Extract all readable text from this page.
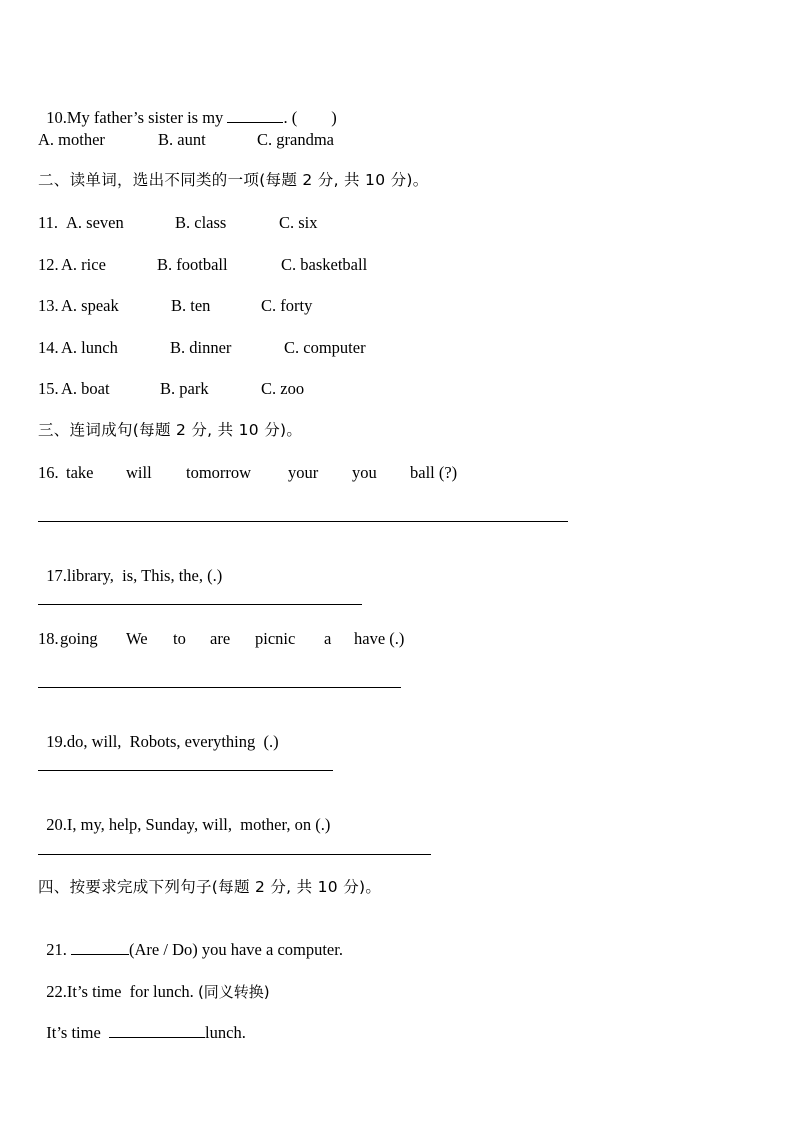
10.My father’s sister is my	. ( )

A. mother

	B. aunt

	C. grandma

二、读单词，选出不同类的一项(每题 2 分, 共 10 分)。

11.

A. seven

	B. class

	C. six

12.

A. rice

	B. football

	C. basketball

13.

A. speak

	B. ten

	C. forty

14.

A. lunch

	B. dinner

	C. computer

15.

A. boat

	B. park

	C. zoo

三、连词成句(每题 2 分, 共 10 分)。

16.

take

will

tomorrow

your

you

ball (?)

17.library,  is, This, the, (.)

18.

going

We

to

are

picnic

a

have (.)

19.do, will,  Robots, everything  (.)

20.I, my, help, Sunday, will,  mother, on (.)

四、按要求完成下列句子(每题 2 分, 共 10 分)。

21.	(Are / Do) you have a computer.

22.It’s time  for lunch. (同义转换)

It’s time	lunch.
